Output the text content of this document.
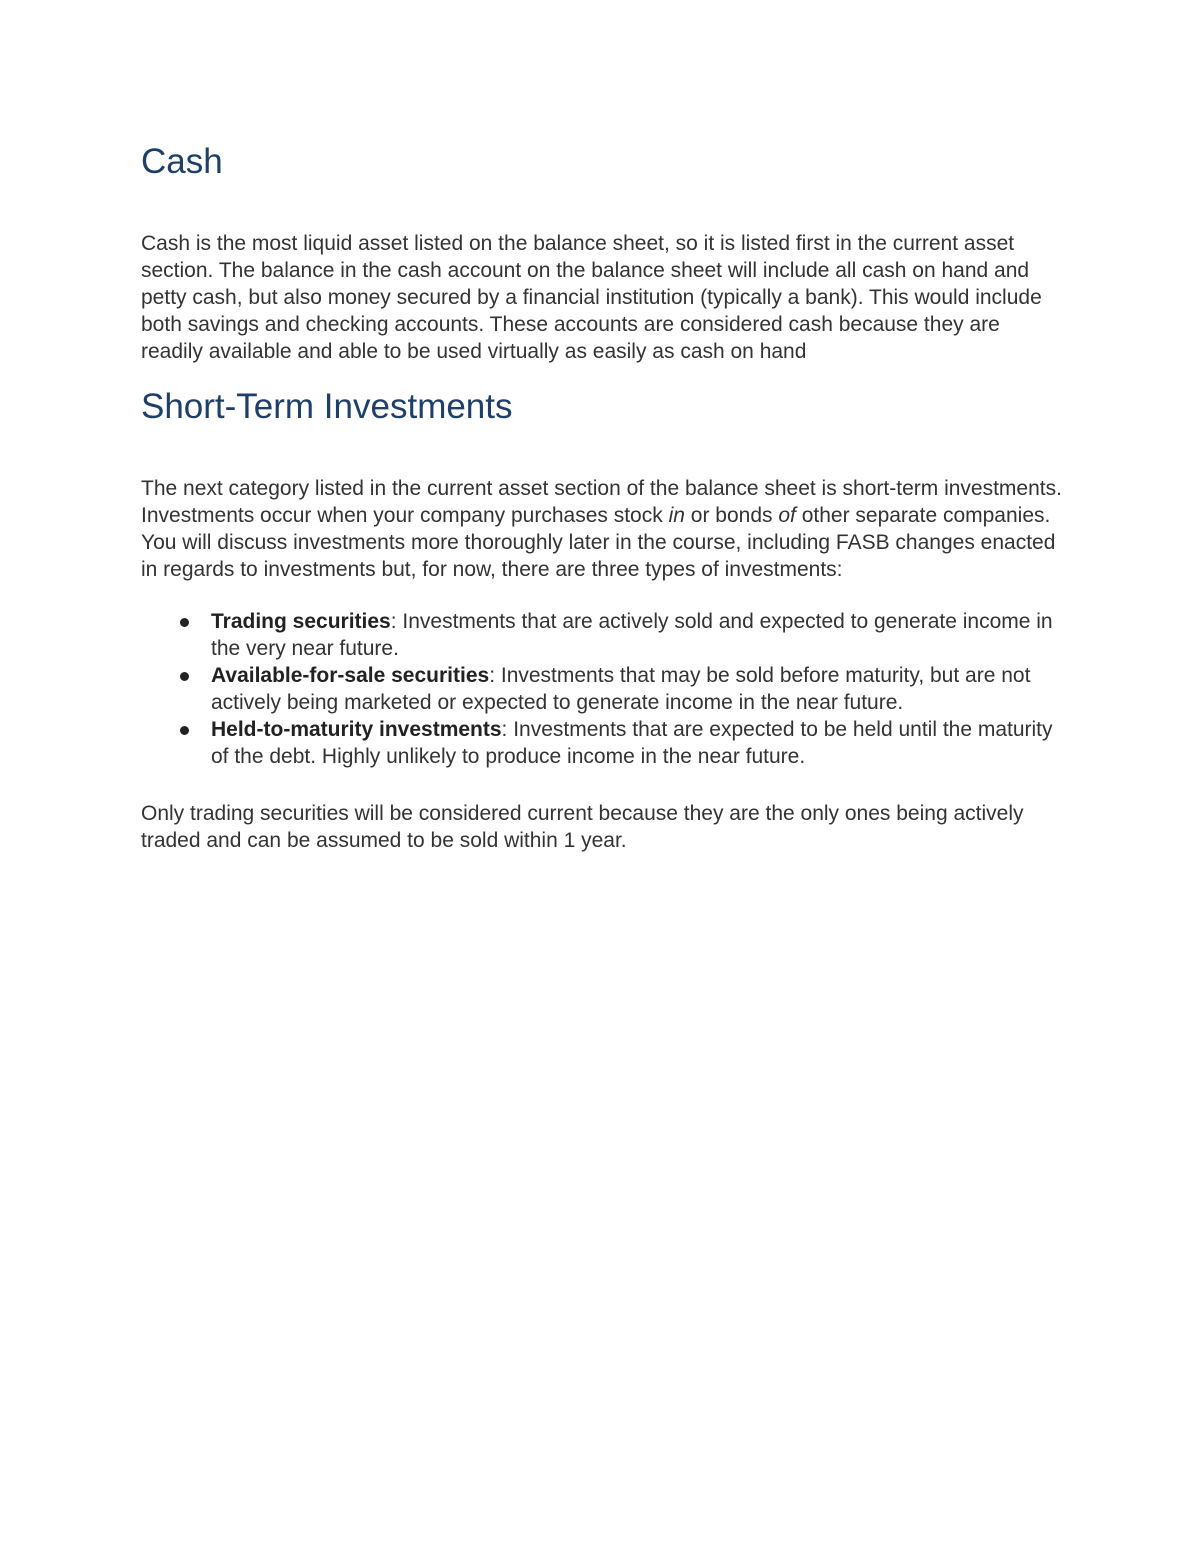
Cash

Cash is the most liquid asset listed on the balance sheet, so it is listed first in the current asset section. The balance in the cash account on the balance sheet will include all cash on hand and petty cash, but also money secured by a financial institution (typically a bank). This would include both savings and checking accounts. These accounts are considered cash because they are readily available and able to be used virtually as easily as cash on hand

Short-Term Investments

The next category listed in the current asset section of the balance sheet is short-term investments. Investments occur when your company purchases stock in or bonds of other separate companies. You will discuss investments more thoroughly later in the course, including FASB changes enacted in regards to investments but, for now, there are three types of investments:

Trading securities: Investments that are actively sold and expected to generate income in the very near future.
Available-for-sale securities: Investments that may be sold before maturity, but are not actively being marketed or expected to generate income in the near future.
Held-to-maturity investments: Investments that are expected to be held until the maturity of the debt. Highly unlikely to produce income in the near future.

Only trading securities will be considered current because they are the only ones being actively traded and can be assumed to be sold within 1 year.
